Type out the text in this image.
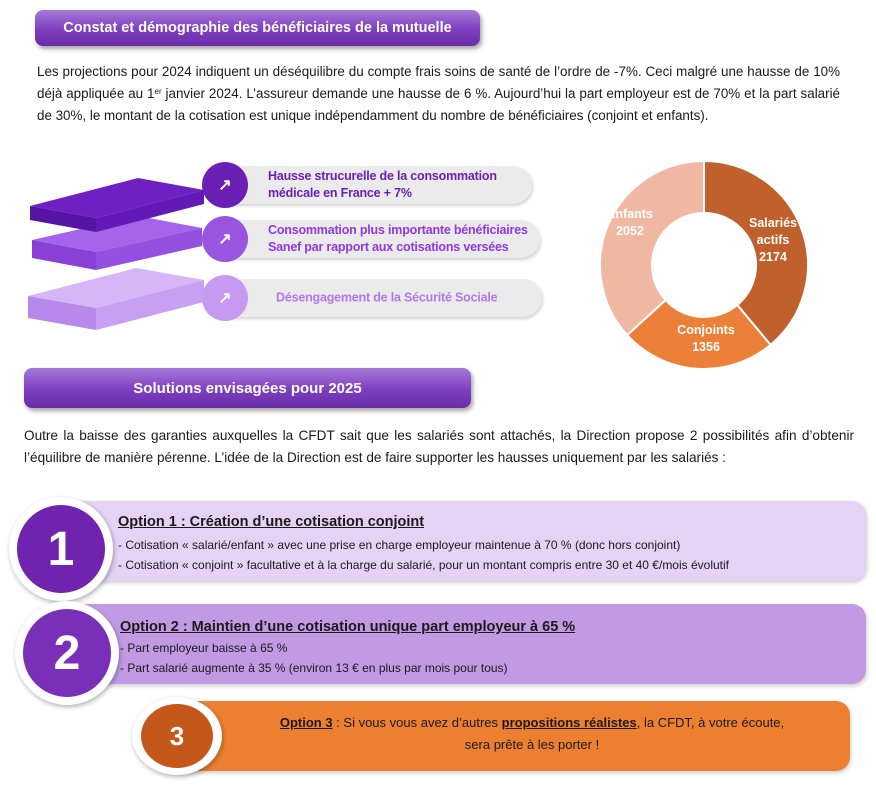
Constat et démographie des bénéficiaires de la mutuelle

Les projections pour 2024 indiquent un déséquilibre du compte frais soins de santé de l’ordre de -7%. Ceci malgré une hausse de 10% déjà appliquée au 1er janvier 2024. L’assureur demande une hausse de 6 %. Aujourd’hui la part employeur est de 70% et la part salarié de 30%, le montant de la cotisation est unique indépendamment du nombre de bénéficiaires (conjoint et enfants).

↗
Hausse strucurelle de la consommation
médicale en France + 7%
↗
Consommation plus importante bénéficiaires
Sanef par rapport aux cotisations versées
↗	Désengagement de la Sécurité Sociale
Enfants
2052
Salariés
actifs
2174
Conjoints
1356
Solutions envisagées pour 2025

Outre la baisse des garanties auxquelles la CFDT sait que les salariés sont attachés, la Direction propose 2 possibilités afin d’obtenir l’équilibre de manière pérenne. L’idée de la Direction est de faire supporter les hausses uniquement par les salariés :

1
Option 1 : Création d’une cotisation conjoint
- Cotisation « salarié/enfant » avec une prise en charge employeur maintenue à 70 % (donc hors conjoint)
- Cotisation « conjoint » facultative et à la charge du salarié, pour un montant compris entre 30 et 40 €/mois évolutif
2	Option 2 : Maintien d’une cotisation unique part employeur à 65 %
- Part employeur baisse à 65 %
- Part salarié augmente à 35 % (environ 13 € en plus par mois pour tous)
3	Option 3 : Si vous vous avez d’autres propositions réalistes, la CFDT, à votre écoute,
sera prête à les porter !
